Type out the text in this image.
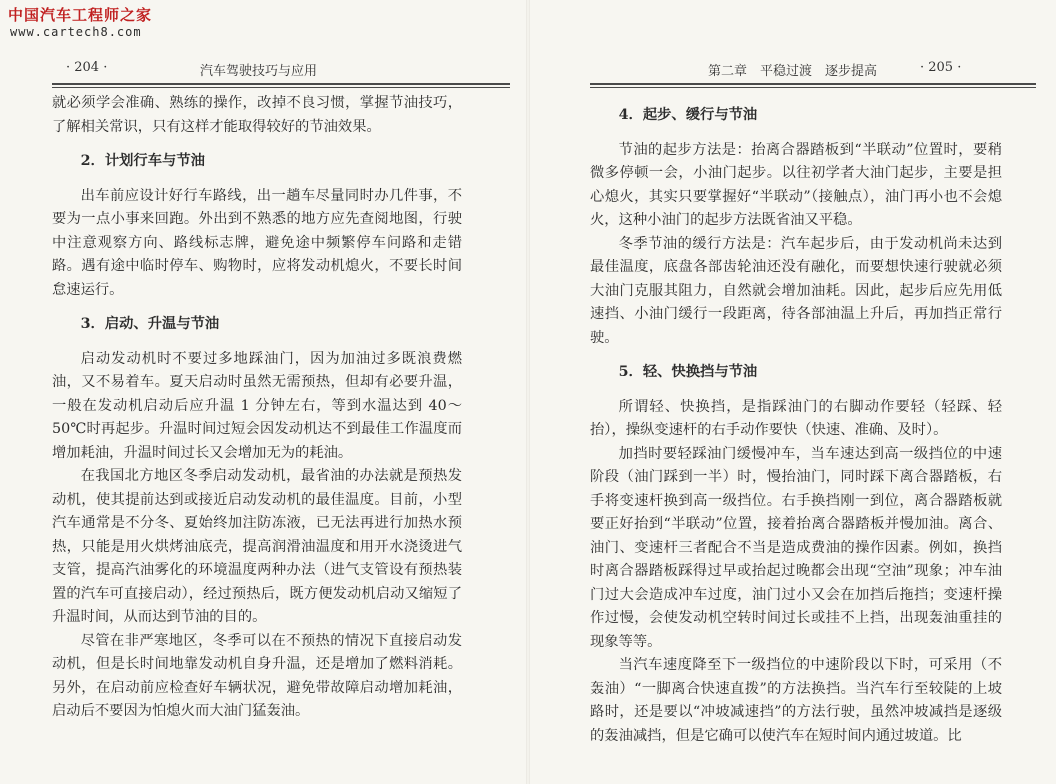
中国汽车工程师之家
www.cartech8.com
· 204 ·	汽车驾驶技巧与应用

就必须学会准确、熟练的操作，改掉不良习惯，掌握节油技巧，了解相关常识，只有这样才能取得较好的节油效果。

2．计划行车与节油

出车前应设计好行车路线，出一趟车尽量同时办几件事，不要为一点小事来回跑。外出到不熟悉的地方应先查阅地图，行驶中注意观察方向、路线标志牌，避免途中频繁停车问路和走错路。遇有途中临时停车、购物时，应将发动机熄火，不要长时间怠速运行。

3．启动、升温与节油

启动发动机时不要过多地踩油门，因为加油过多既浪费燃油，又不易着车。夏天启动时虽然无需预热，但却有必要升温，一般在发动机启动后应升温 1 分钟左右，等到水温达到 40～50℃时再起步。升温时间过短会因发动机达不到最佳工作温度而增加耗油，升温时间过长又会增加无为的耗油。

在我国北方地区冬季启动发动机，最省油的办法就是预热发动机，使其提前达到或接近启动发动机的最佳温度。目前，小型汽车通常是不分冬、夏始终加注防冻液，已无法再进行加热水预热，只能是用火烘烤油底壳，提高润滑油温度和用开水浇烫进气支管，提高汽油雾化的环境温度两种办法（进气支管设有预热装置的汽车可直接启动），经过预热后，既方便发动机启动又缩短了升温时间，从而达到节油的目的。

尽管在非严寒地区，冬季可以在不预热的情况下直接启动发动机，但是长时间地靠发动机自身升温，还是增加了燃料消耗。另外，在启动前应检查好车辆状况，避免带故障启动增加耗油，启动后不要因为怕熄火而大油门猛轰油。

第二章　平稳过渡　逐步提高	· 205 ·
4．起步、缓行与节油

节油的起步方法是：抬离合器踏板到“半联动”位置时，要稍微多停顿一会，小油门起步。以往初学者大油门起步，主要是担心熄火，其实只要掌握好“半联动”（接触点），油门再小也不会熄火，这种小油门的起步方法既省油又平稳。

冬季节油的缓行方法是：汽车起步后，由于发动机尚未达到最佳温度，底盘各部齿轮油还没有融化，而要想快速行驶就必须大油门克服其阻力，自然就会增加油耗。因此，起步后应先用低速挡、小油门缓行一段距离，待各部油温上升后，再加挡正常行驶。

5．轻、快换挡与节油

所谓轻、快换挡，是指踩油门的右脚动作要轻（轻踩、轻抬），操纵变速杆的右手动作要快（快速、准确、及时）。

加挡时要轻踩油门缓慢冲车，当车速达到高一级挡位的中速阶段（油门踩到一半）时，慢抬油门，同时踩下离合器踏板，右手将变速杆换到高一级挡位。右手换挡刚一到位，离合器踏板就要正好抬到“半联动”位置，接着抬离合器踏板并慢加油。离合、油门、变速杆三者配合不当是造成费油的操作因素。例如，换挡时离合器踏板踩得过早或抬起过晚都会出现“空油”现象；冲车油门过大会造成冲车过度，油门过小又会在加挡后拖挡；变速杆操作过慢，会使发动机空转时间过长或挂不上挡，出现轰油重挂的现象等等。

当汽车速度降至下一级挡位的中速阶段以下时，可采用（不轰油）“一脚离合快速直拨”的方法换挡。当汽车行至较陡的上坡路时，还是要以“冲坡减速挡”的方法行驶，虽然冲坡减挡是逐级的轰油减挡，但是它确可以使汽车在短时间内通过坡道。比
